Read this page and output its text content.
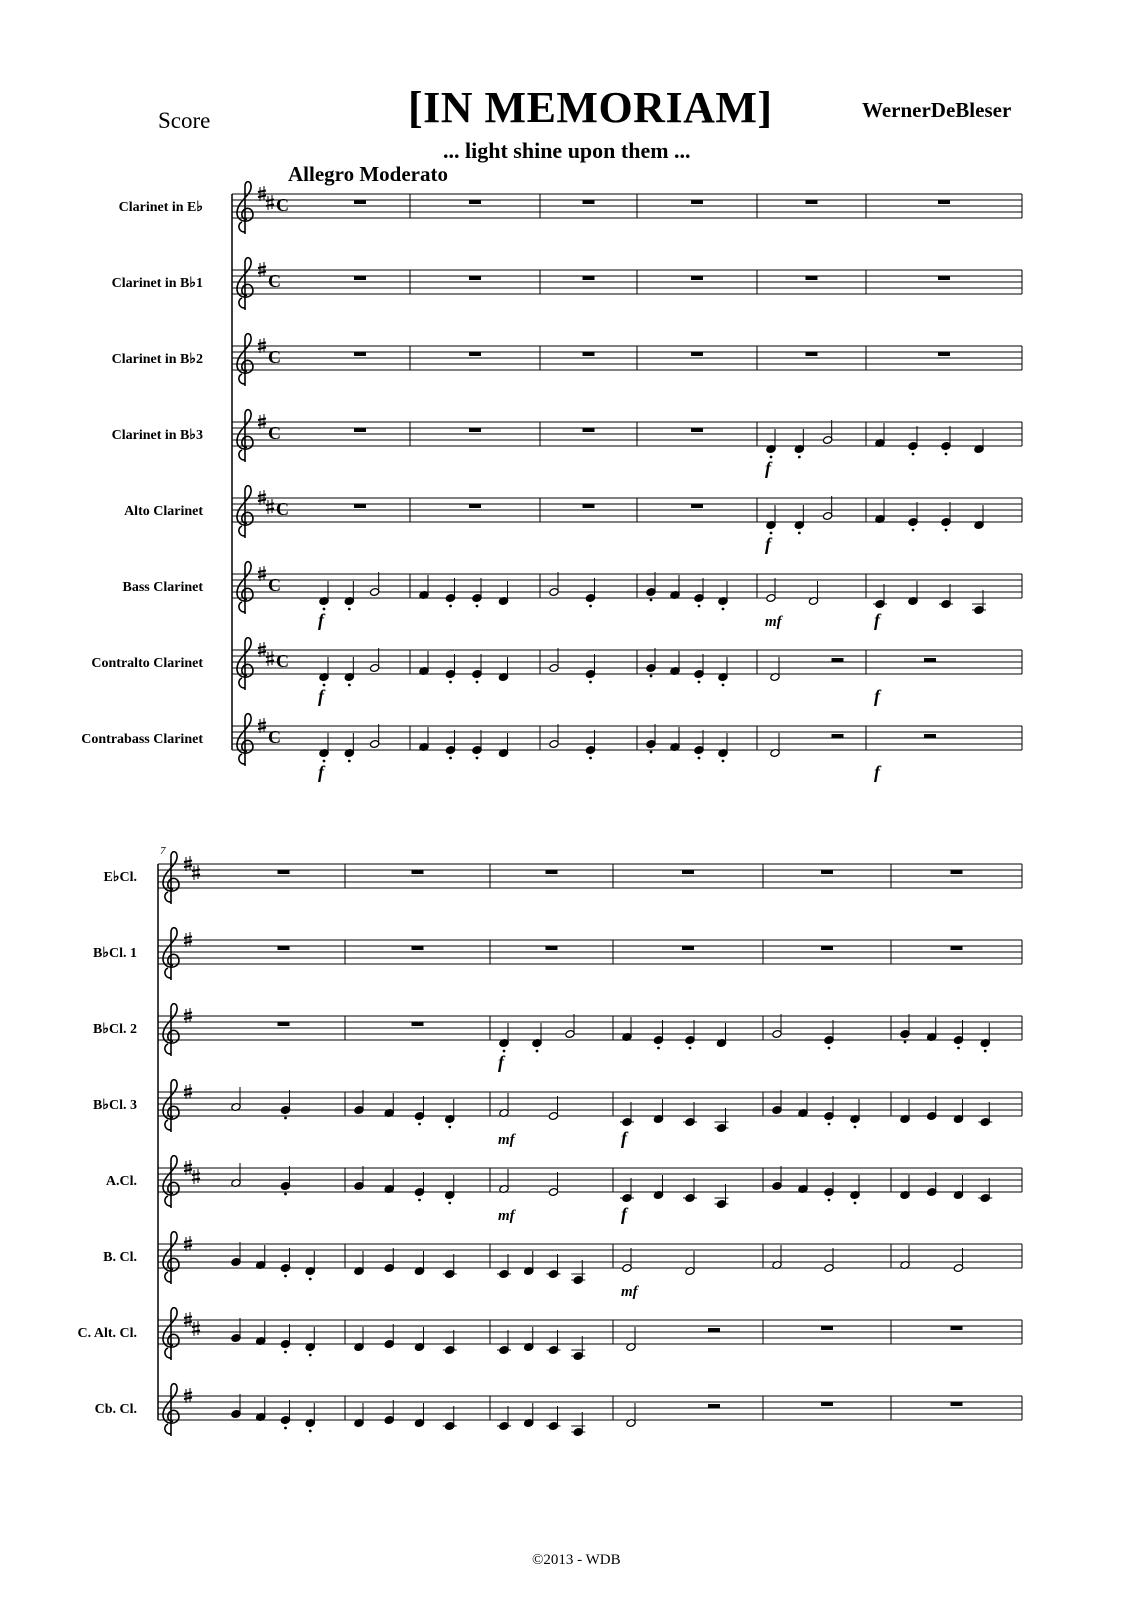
Score	[IN MEMORIAM]	WernerDeBleser
... light shine upon them ...
Allegro Moderato
Clarinet in E♭	C
Clarinet in B♭1	C
Clarinet in B♭2	C
Clarinet in B♭3	C
Alto Clarinet	C
Bass Clarinet	C
Contralto Clarinet	C
Contrabass Clarinet	C
f
f
f	mf	f
f	f
f	f
7
E♭Cl.
B♭Cl. 1
B♭Cl. 2
B♭Cl. 3
A.Cl.
B. Cl.
C. Alt. Cl.
Cb. Cl.
f
mf	f
mf	f
mf
©2013 - WDB
